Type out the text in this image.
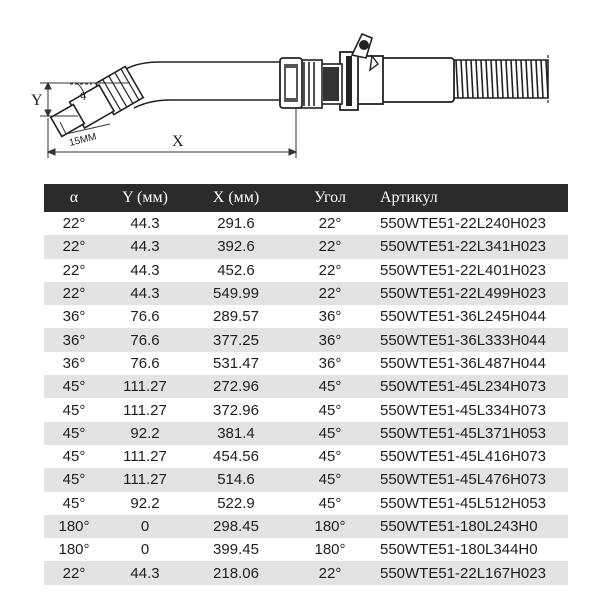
Y
X
α
15MM
α	Y (мм)	X (мм)	Угол	Артикул
22°	44.3	291.6	22°	550WTE51-22L240H023
22°	44.3	392.6	22°	550WTE51-22L341H023
22°	44.3	452.6	22°	550WTE51-22L401H023
22°	44.3	549.99	22°	550WTE51-22L499H023
36°	76.6	289.57	36°	550WTE51-36L245H044
36°	76.6	377.25	36°	550WTE51-36L333H044
36°	76.6	531.47	36°	550WTE51-36L487H044
45°	111.27	272.96	45°	550WTE51-45L234H073
45°	111.27	372.96	45°	550WTE51-45L334H073
45°	92.2	381.4	45°	550WTE51-45L371H053
45°	111.27	454.56	45°	550WTE51-45L416H073
45°	111.27	514.6	45°	550WTE51-45L476H073
45°	92.2	522.9	45°	550WTE51-45L512H053
180°	0	298.45	180°	550WTE51-180L243H0
180°	0	399.45	180°	550WTE51-180L344H0
22°	44.3	218.06	22°	550WTE51-22L167H023
